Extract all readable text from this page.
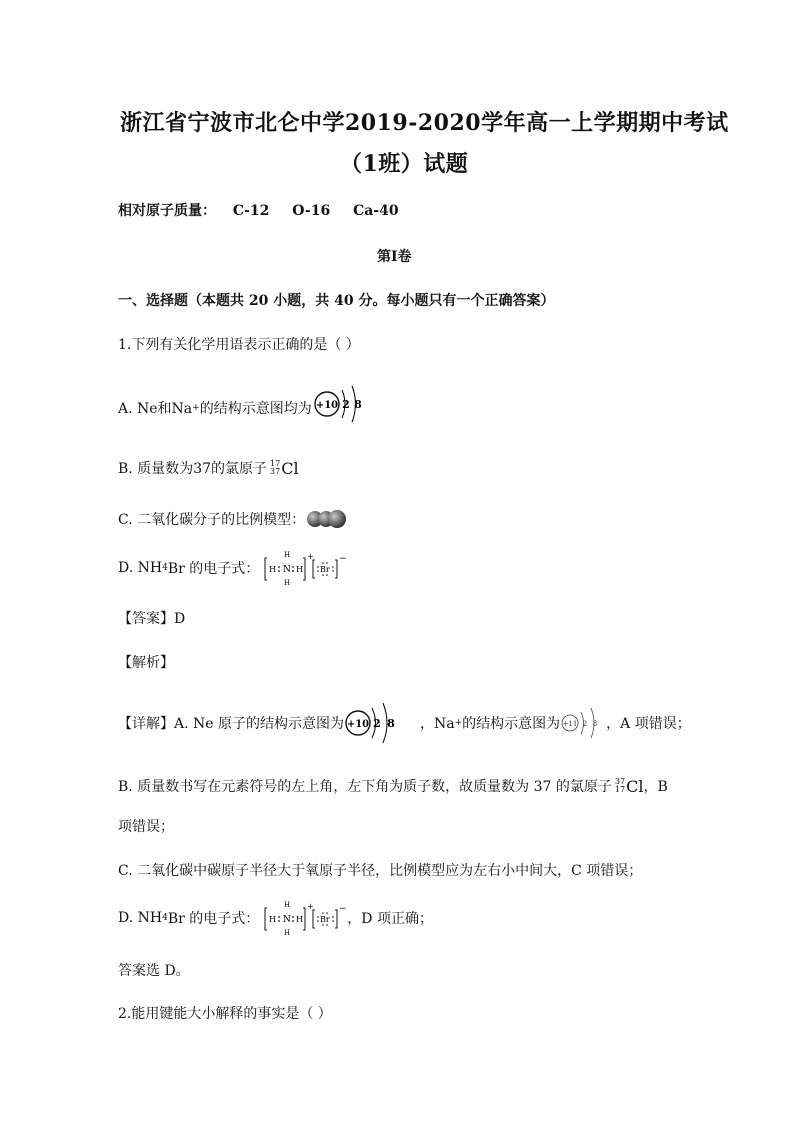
浙江省宁波市北仑中学2019-2020学年高一上学期期中考试
（1班）试题
相对原子质量： C-12 O-16 Ca-40
第Ⅰ卷
一、选择题（本题共 20 小题，共 40 分。每小题只有一个正确答案）
1.下列有关化学用语表示正确的是（ ）
A. Ne和Na + 的结构示意图均为 +10 2 8
B. 质量数为37的氯原子 17
37 Cl
C. 二氧化碳分子的比例模型：
D. NH 4 Br 的电子式： H N
H
H
H
+
Br
−
【答案】D
【解析】
【详解】A. Ne 原子的结构示意图为 +10 2 8 ，Na + 的结构示意图为 +11 2 8 ，A 项错误；
B. 质量数书写在元素符号的左上角，左下角为质子数，故质量数为 37 的氯原子 37
17 Cl ，B
项错误；
C. 二氧化碳中碳原子半径大于氧原子半径，比例模型应为左右小中间大，C 项错误；
D. NH 4 Br 的电子式： H N
H
H
H
+
Br
−
，D 项正确；
答案选 D。
2.能用键能大小解释的事实是（ ）
